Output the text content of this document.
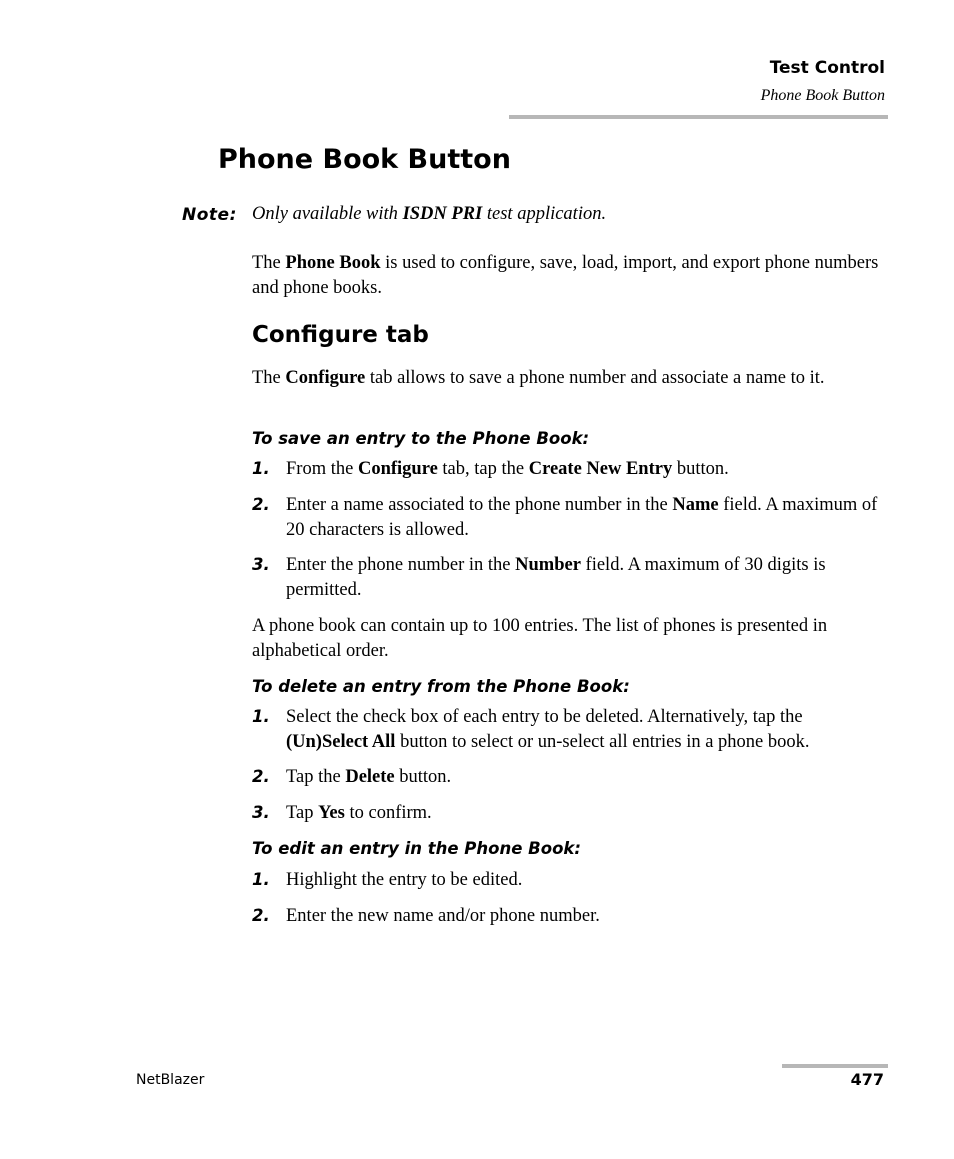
Test Control
Phone Book Button
Phone Book Button
Note: Only available with ISDN PRI test application.
The Phone Book is used to configure, save, load, import, and export phone numbers and phone books.
Configure tab
The Configure tab allows to save a phone number and associate a name to it.
To save an entry to the Phone Book:
1. From the Configure tab, tap the Create New Entry button.
2. Enter a name associated to the phone number in the Name field. A maximum of 20 characters is allowed.
3. Enter the phone number in the Number field. A maximum of 30 digits is permitted.
A phone book can contain up to 100 entries. The list of phones is presented in alphabetical order.
To delete an entry from the Phone Book:
1. Select the check box of each entry to be deleted. Alternatively, tap the (Un)Select All button to select or un-select all entries in a phone book.
2. Tap the Delete button.
3. Tap Yes to confirm.
To edit an entry in the Phone Book:
1. Highlight the entry to be edited.
2. Enter the new name and/or phone number.
NetBlazer	477
